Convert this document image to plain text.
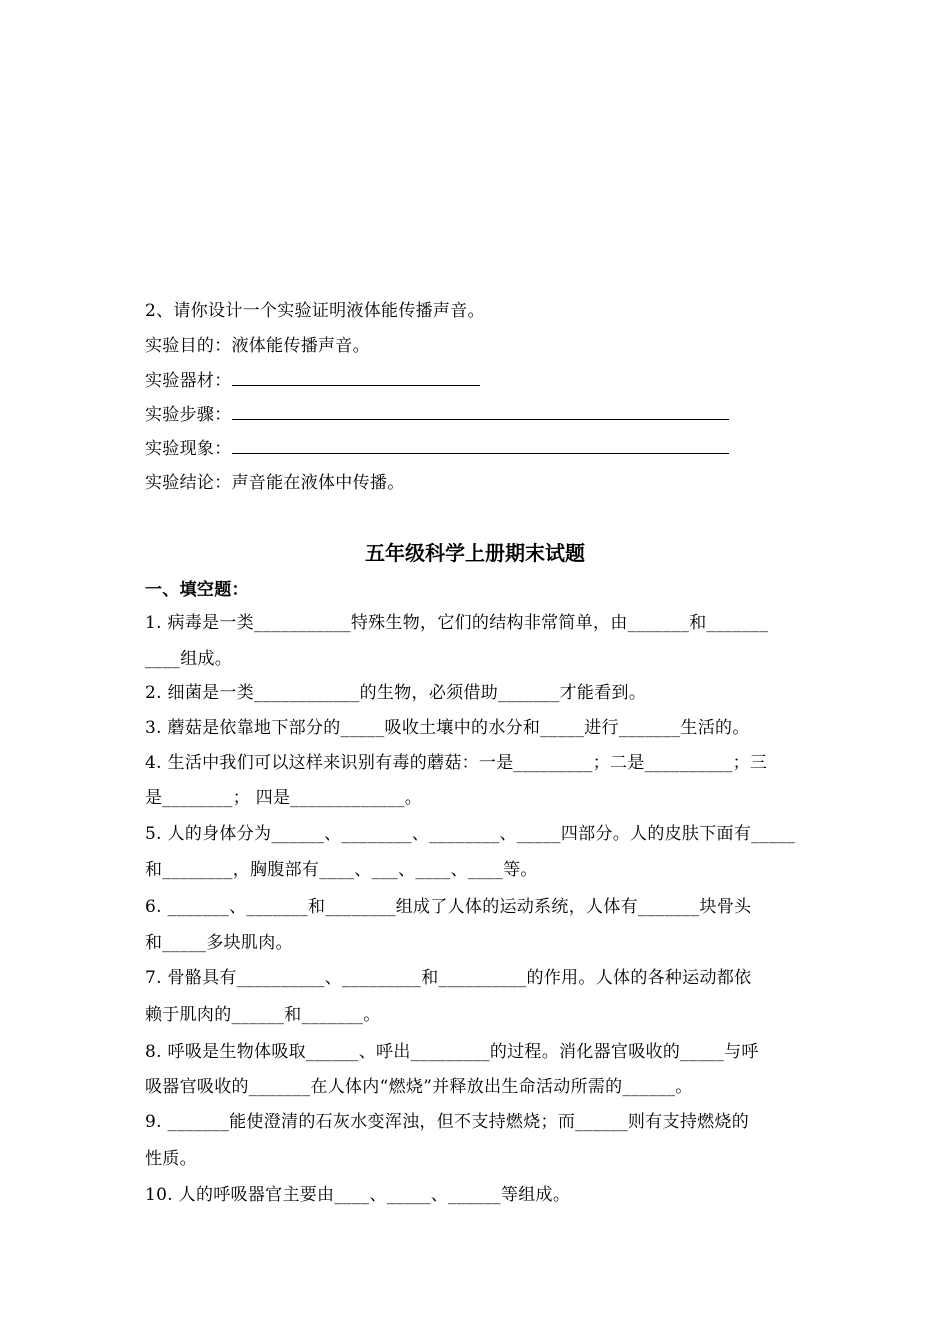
2、请你设计一个实验证明液体能传播声音。
实验目的：液体能传播声音。
实验器材：
实验步骤：
实验现象：
实验结论：声音能在液体中传播。
五年级科学上册期末试题
一、填空题：
1. 病毒是一类___________特殊生物，它们的结构非常简单，由_______和_______
____组成。
2. 细菌是一类____________的生物，必须借助_______才能看到。
3. 蘑菇是依靠地下部分的_____吸收土壤中的水分和_____进行_______生活的。
4. 生活中我们可以这样来识别有毒的蘑菇：一是_________；二是__________；三
是________； 四是_____________。
5. 人的身体分为______、________、________、_____四部分。人的皮肤下面有_____
和________，胸腹部有____、___、____、____等。
6. _______、_______和________组成了人体的运动系统，人体有_______块骨头
和_____多块肌肉。
7. 骨骼具有__________、_________和__________的作用。人体的各种运动都依
赖于肌肉的______和_______。
8. 呼吸是生物体吸取______、呼出_________的过程。消化器官吸收的_____与呼
吸器官吸收的_______在人体内“燃烧”并释放出生命活动所需的______。
9. _______能使澄清的石灰水变浑浊，但不支持燃烧；而______则有支持燃烧的
性质。
10. 人的呼吸器官主要由____、_____、______等组成。
